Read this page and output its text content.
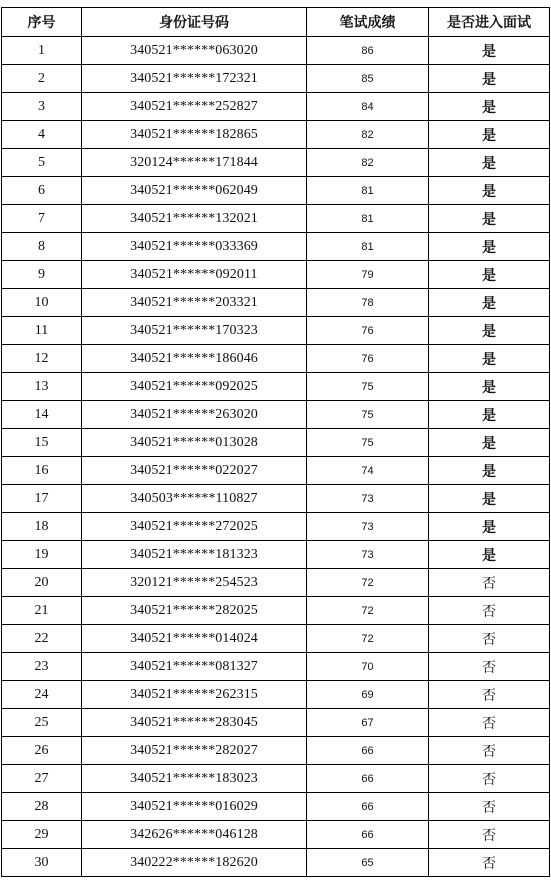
序号	身份证号码	笔试成绩	是否进入面试
1	340521******063020	86	是
2	340521******172321	85	是
3	340521******252827	84	是
4	340521******182865	82	是
5	320124******171844	82	是
6	340521******062049	81	是
7	340521******132021	81	是
8	340521******033369	81	是
9	340521******092011	79	是
10	340521******203321	78	是
11	340521******170323	76	是
12	340521******186046	76	是
13	340521******092025	75	是
14	340521******263020	75	是
15	340521******013028	75	是
16	340521******022027	74	是
17	340503******110827	73	是
18	340521******272025	73	是
19	340521******181323	73	是
20	320121******254523	72	否
21	340521******282025	72	否
22	340521******014024	72	否
23	340521******081327	70	否
24	340521******262315	69	否
25	340521******283045	67	否
26	340521******282027	66	否
27	340521******183023	66	否
28	340521******016029	66	否
29	342626******046128	66	否
30	340222******182620	65	否
